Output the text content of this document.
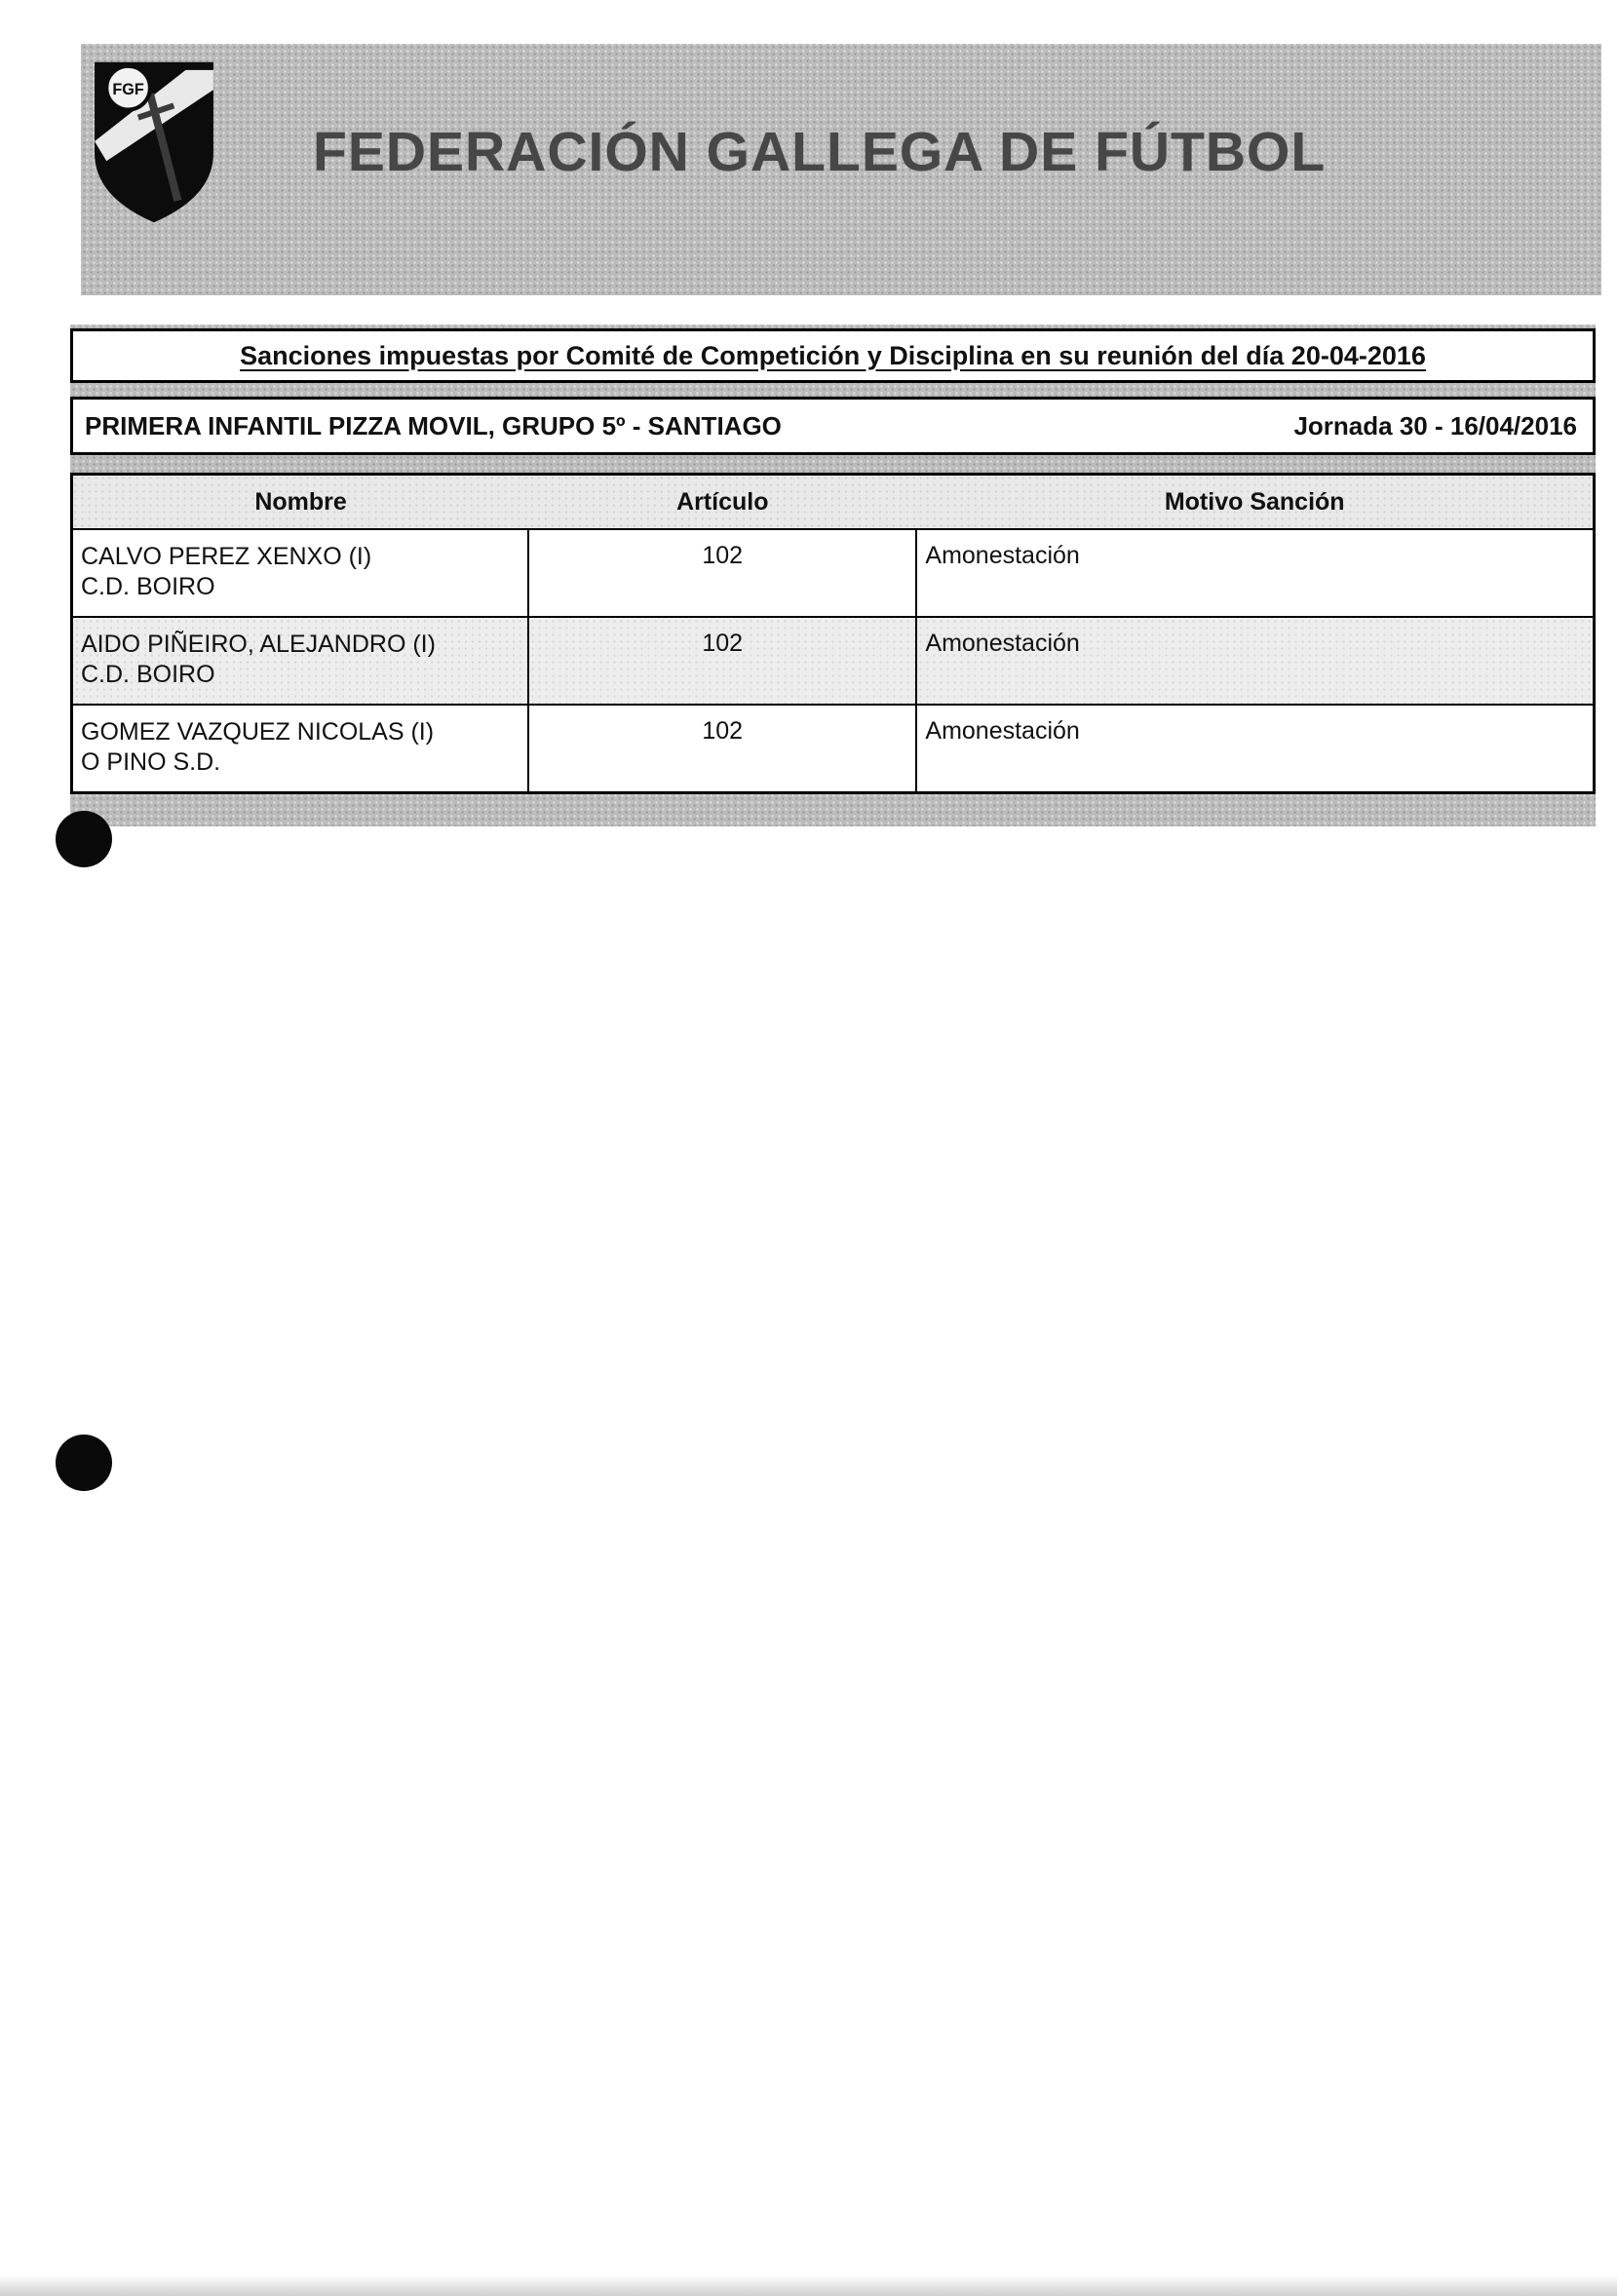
FGF
FEDERACIÓN GALLEGA DE FÚTBOL
Sanciones impuestas por Comité de Competición y Disciplina en su reunión del día 20-04-2016
PRIMERA INFANTIL PIZZA MOVIL, GRUPO 5º - SANTIAGO	Jornada 30 - 16/04/2016
Nombre	Artículo	Motivo Sanción

CALVO PEREZ XENXO (I)
C.D. BOIRO	102	Amonestación

AIDO PIÑEIRO, ALEJANDRO (I)
C.D. BOIRO	102	Amonestación

GOMEZ VAZQUEZ NICOLAS (I)
O PINO S.D.	102	Amonestación
